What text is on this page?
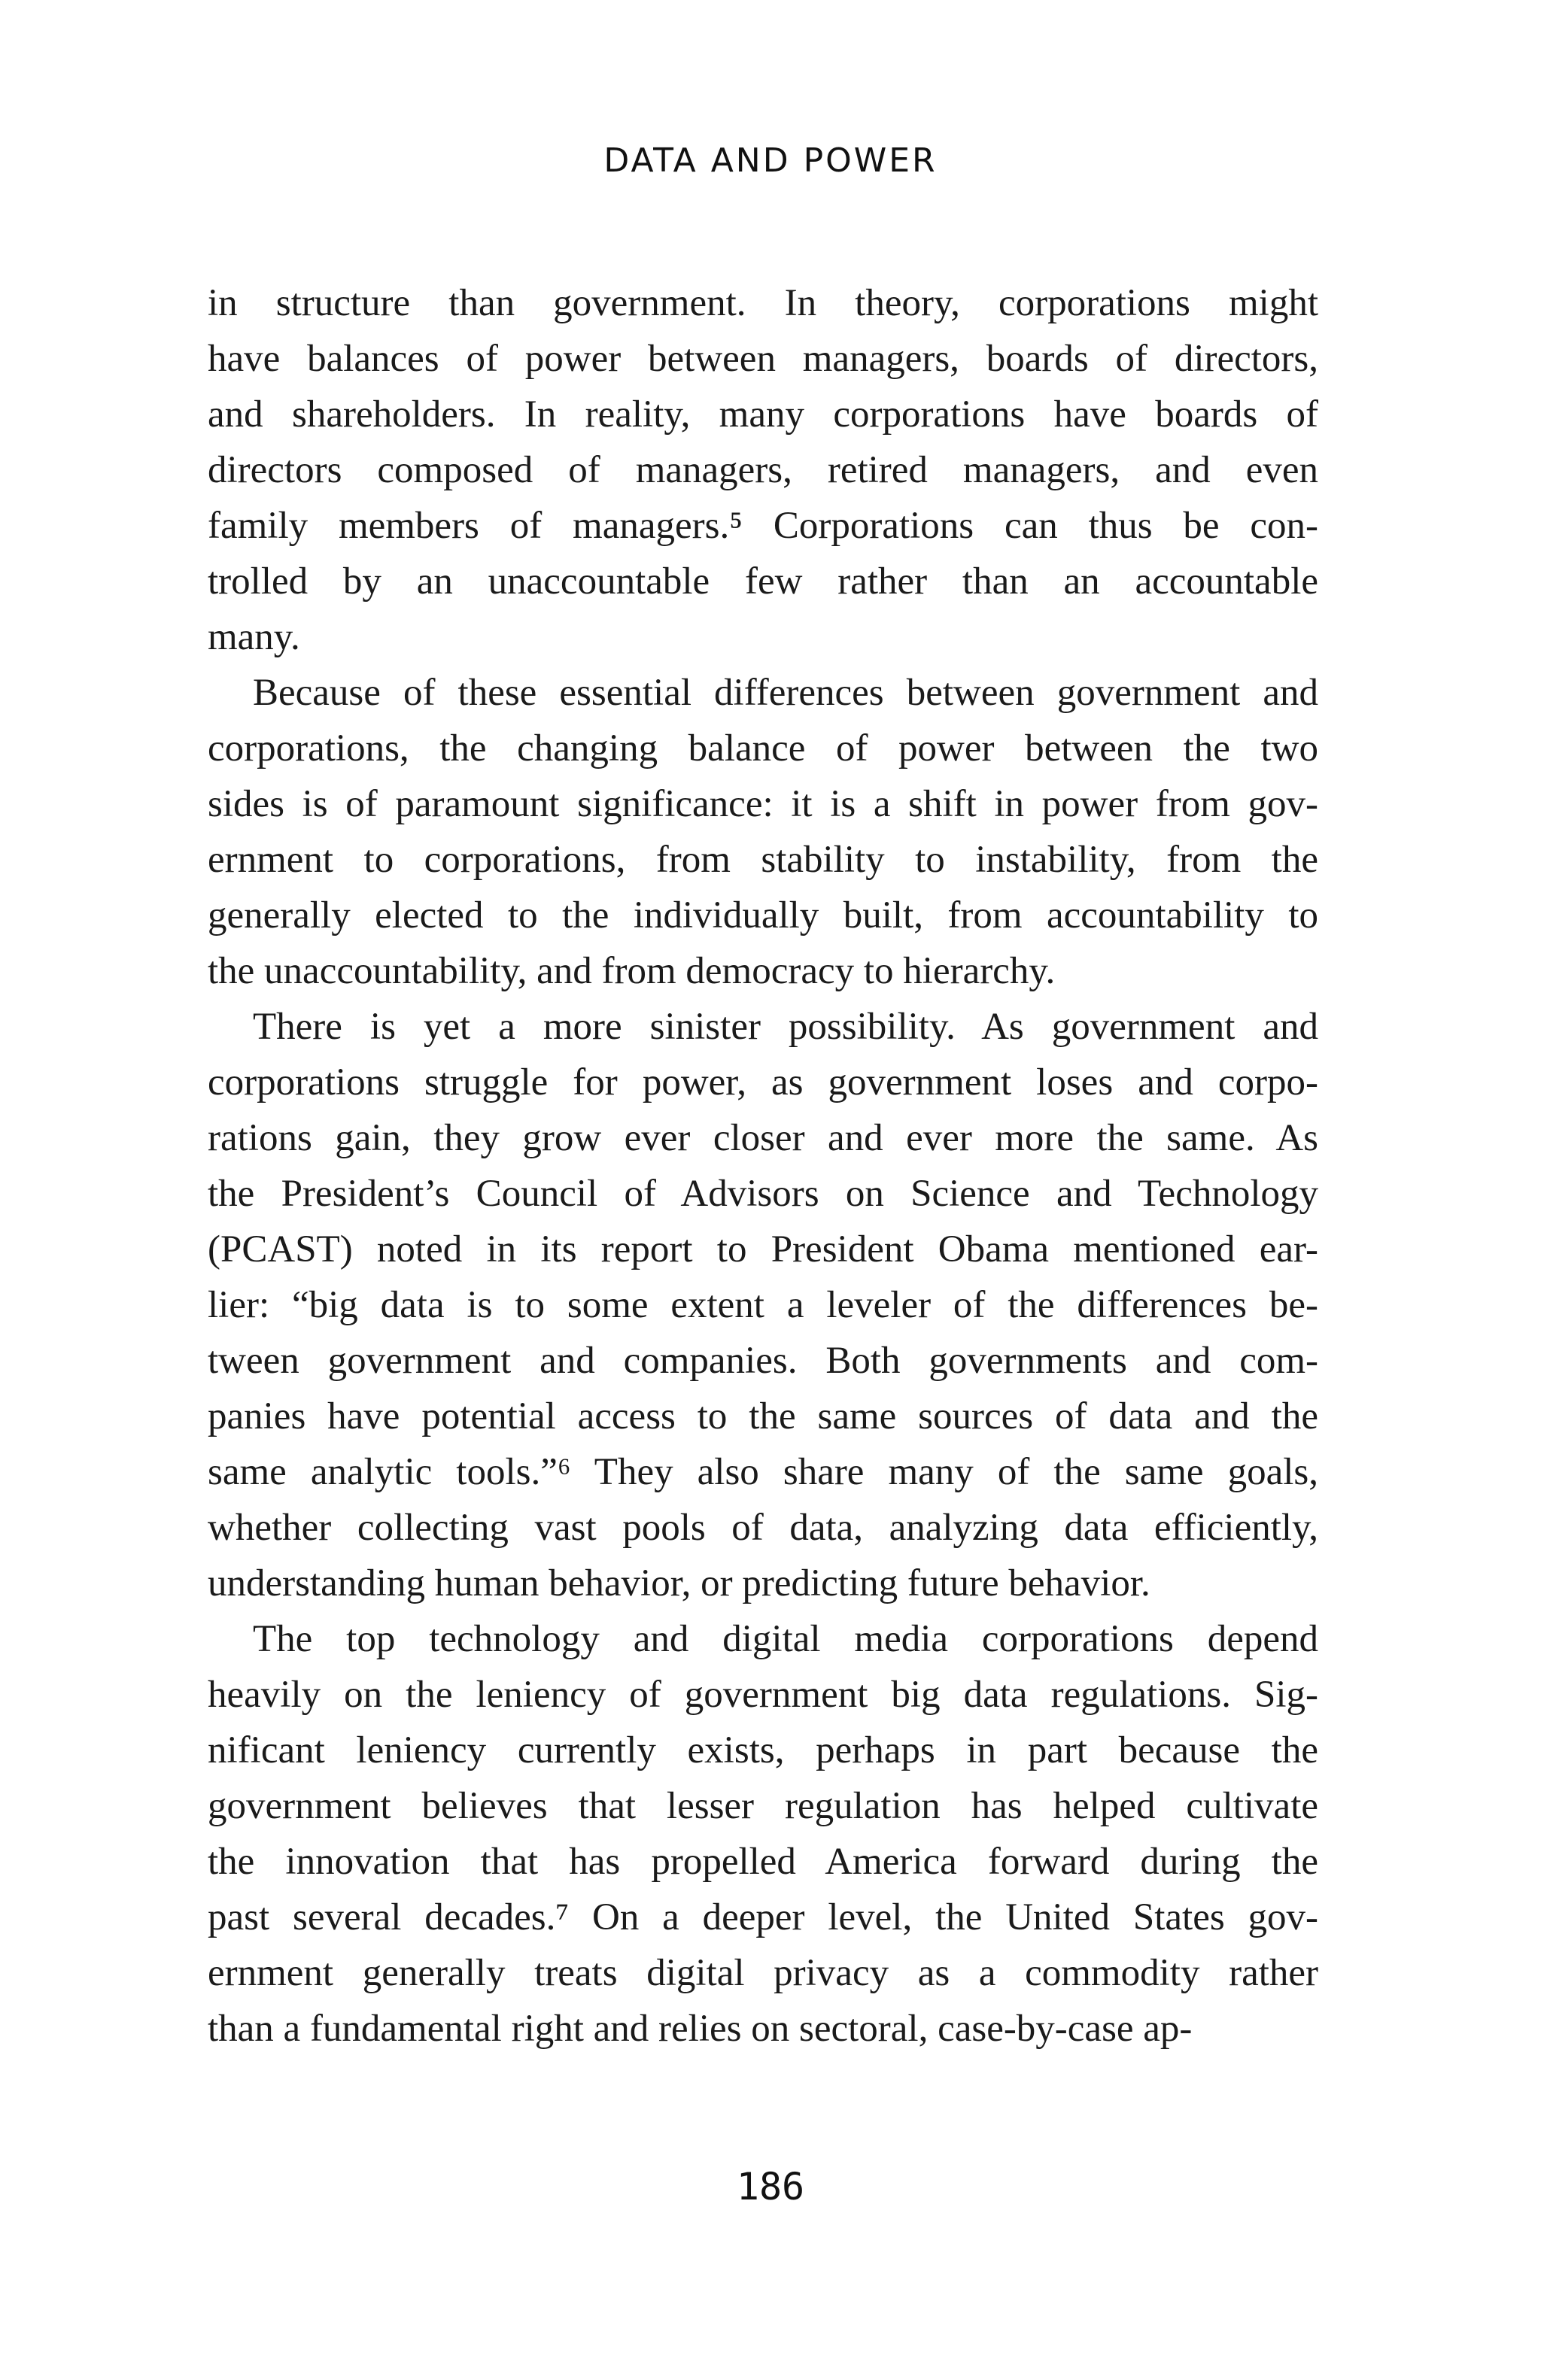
DATA AND POWER

in structure than government. In theory, corporations might
have balances of power between managers, boards of directors,
and shareholders. In reality, many corporations have boards of
directors composed of managers, retired managers, and even
family members of managers.⁵ Corporations can thus be con-
trolled by an unaccountable few rather than an accountable
many.

Because of these essential differences between government and
corporations, the changing balance of power between the two
sides is of paramount significance: it is a shift in power from gov-
ernment to corporations, from stability to instability, from the
generally elected to the individually built, from accountability to
the unaccountability, and from democracy to hierarchy.

There is yet a more sinister possibility. As government and
corporations struggle for power, as government loses and corpo-
rations gain, they grow ever closer and ever more the same. As
the President’s Council of Advisors on Science and Technology
(PCAST) noted in its report to President Obama mentioned ear-
lier: “big data is to some extent a leveler of the differences be-
tween government and companies. Both governments and com-
panies have potential access to the same sources of data and the
same analytic tools.”⁶ They also share many of the same goals,
whether collecting vast pools of data, analyzing data efficiently,
understanding human behavior, or predicting future behavior.

The top technology and digital media corporations depend
heavily on the leniency of government big data regulations. Sig-
nificant leniency currently exists, perhaps in part because the
government believes that lesser regulation has helped cultivate
the innovation that has propelled America forward during the
past several decades.⁷ On a deeper level, the United States gov-
ernment generally treats digital privacy as a commodity rather
than a fundamental right and relies on sectoral, case-by-case ap-

186
